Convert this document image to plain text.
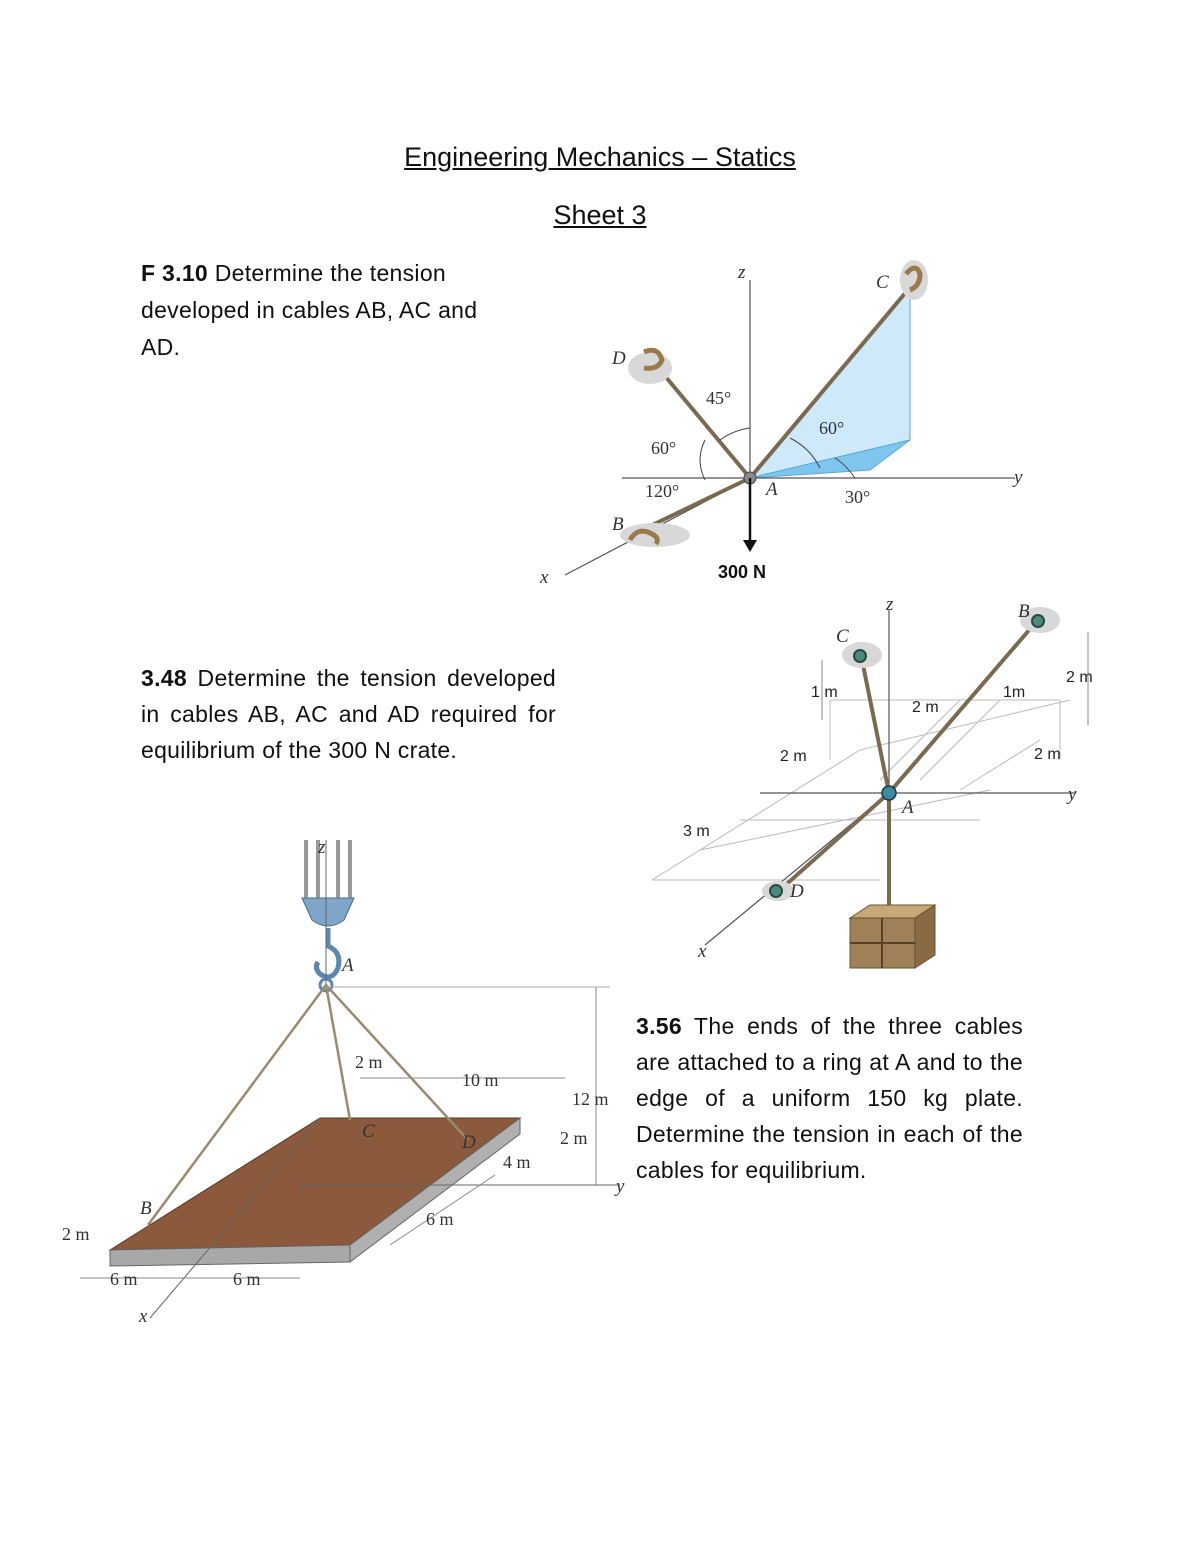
Engineering Mechanics – Statics
Sheet 3
F 3.10 Determine the tension developed in cables AB, AC and AD.
3.48 Determine the tension developed in cables AB, AC and AD required for equilibrium of the 300 N crate.
3.56 The ends of the three cables are attached to a ring at A and to the edge of a uniform 150 kg plate. Determine the tension in each of the cables for equilibrium.
z
y
x
A
B
C
D
45°
60°
120°
60°
30°
300 N
z
y
x
A
B
C
D
1 m
2 m
1m
2 m
2 m	2 m
3 m
z
y
x
A
B
C
D
2 m
10 m
12 m
2 m
4 m
6 m
2 m
6 m	6 m
